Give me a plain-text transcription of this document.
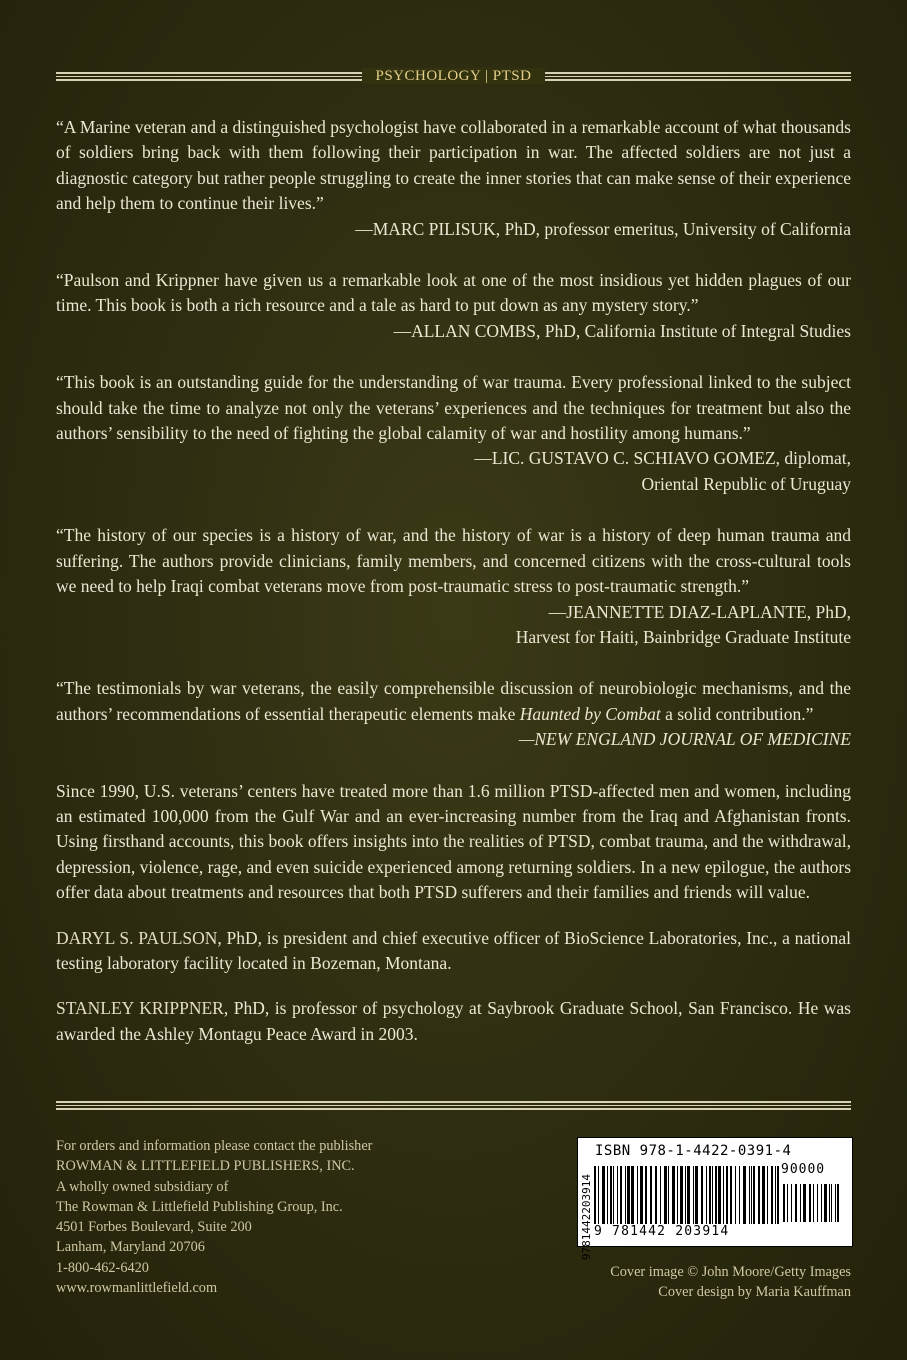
PSYCHOLOGY | PTSD

“A Marine veteran and a distinguished psychologist have collaborated in a remarkable account of what thousands of soldiers bring back with them following their participation in war. The affected soldiers are not just a diagnostic category but rather people struggling to create the inner stories that can make sense of their experience and help them to continue their lives.”

—MARC PILISUK, PhD, professor emeritus, University of California

“Paulson and Krippner have given us a remarkable look at one of the most insidious yet hidden plagues of our time. This book is both a rich resource and a tale as hard to put down as any mystery story.”

—ALLAN COMBS, PhD, California Institute of Integral Studies

“This book is an outstanding guide for the understanding of war trauma. Every professional linked to the subject should take the time to analyze not only the veterans’ experiences and the techniques for treatment but also the authors’ sensibility to the need of fighting the global calamity of war and hostility among humans.”

—LIC. GUSTAVO C. SCHIAVO GOMEZ, diplomat,

Oriental Republic of Uruguay

“The history of our species is a history of war, and the history of war is a history of deep human trauma and suffering. The authors provide clinicians, family members, and concerned citizens with the cross-cultural tools we need to help Iraqi combat veterans move from post-traumatic stress to post-traumatic strength.”

—JEANNETTE DIAZ-LAPLANTE, PhD,

Harvest for Haiti, Bainbridge Graduate Institute

“The testimonials by war veterans, the easily comprehensible discussion of neurobiologic mechanisms, and the authors’ recommendations of essential therapeutic elements make Haunted by Combat a solid contribution.”

—NEW ENGLAND JOURNAL OF MEDICINE

Since 1990, U.S. veterans’ centers have treated more than 1.6 million PTSD-affected men and women, including an estimated 100,000 from the Gulf War and an ever-increasing number from the Iraq and Afghanistan fronts. Using firsthand accounts, this book offers insights into the realities of PTSD, combat trauma, and the withdrawal, depression, violence, rage, and even suicide experienced among returning soldiers. In a new epilogue, the authors offer data about treatments and resources that both PTSD sufferers and their families and friends will value.

DARYL S. PAULSON, PhD, is president and chief executive officer of BioScience Laboratories, Inc., a national testing laboratory facility located in Bozeman, Montana.

STANLEY KRIPPNER, PhD, is professor of psychology at Saybrook Graduate School, San Francisco. He was awarded the Ashley Montagu Peace Award in 2003.

For orders and information please contact the publisher
ROWMAN & LITTLEFIELD PUBLISHERS, INC.
A wholly owned subsidiary of
The Rowman & Littlefield Publishing Group, Inc.
4501 Forbes Boulevard, Suite 200
Lanham, Maryland 20706
1-800-462-6420
www.rowmanlittlefield.com
ISBN 978-1-4422-0391-4
9781442203914
90000
9 781442 203914
Cover image © John Moore/Getty Images
Cover design by Maria Kauffman
